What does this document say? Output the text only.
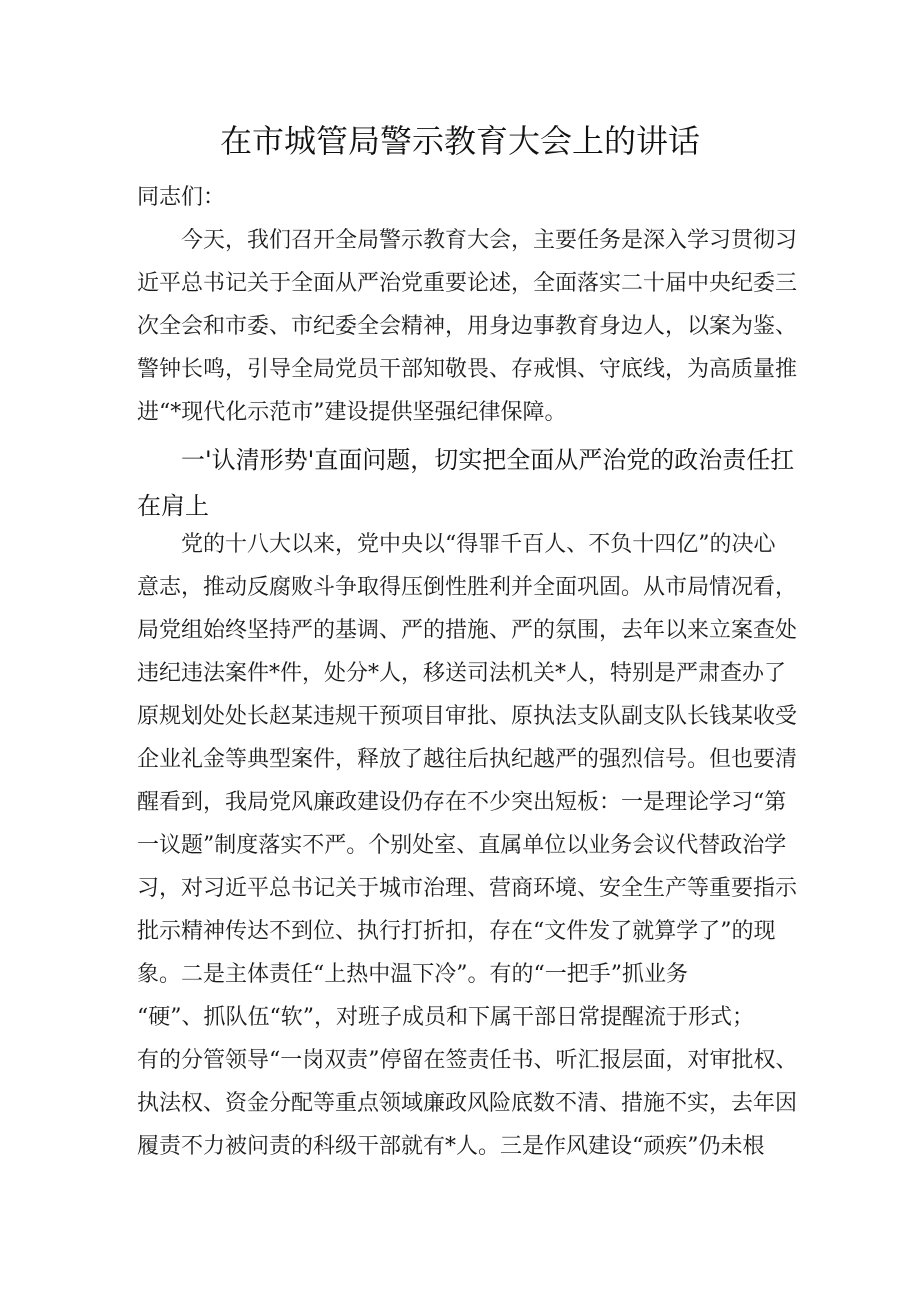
在市城管局警示教育大会上的讲话
同志们：
今天，我们召开全局警示教育大会，主要任务是深入学习贯彻习
近平总书记关于全面从严治党重要论述，全面落实二十届中央纪委三
次全会和市委、市纪委全会精神，用身边事教育身边人，以案为鉴、
警钟长鸣，引导全局党员干部知敬畏、存戒惧、守底线，为高质量推
进“*现代化示范市”建设提供坚强纪律保障。
一'认清形势'直面问题，切实把全面从严治党的政治责任扛
在肩上
党的十八大以来，党中央以“得罪千百人、不负十四亿”的决心
意志，推动反腐败斗争取得压倒性胜利并全面巩固。从市局情况看，
局党组始终坚持严的基调、严的措施、严的氛围，去年以来立案查处
违纪违法案件*件，处分*人，移送司法机关*人，特别是严肃查办了
原规划处处长赵某违规干预项目审批、原执法支队副支队长钱某收受
企业礼金等典型案件，释放了越往后执纪越严的强烈信号。但也要清
醒看到，我局党风廉政建设仍存在不少突出短板：一是理论学习“第
一议题”制度落实不严。个别处室、直属单位以业务会议代替政治学
习，对习近平总书记关于城市治理、营商环境、安全生产等重要指示
批示精神传达不到位、执行打折扣，存在“文件发了就算学了”的现
象。二是主体责任“上热中温下冷”。有的“一把手”抓业务
“硬”、抓队伍“软”，对班子成员和下属干部日常提醒流于形式；
有的分管领导“一岗双责”停留在签责任书、听汇报层面，对审批权、
执法权、资金分配等重点领域廉政风险底数不清、措施不实，去年因
履责不力被问责的科级干部就有*人。三是作风建设“顽疾”仍未根
